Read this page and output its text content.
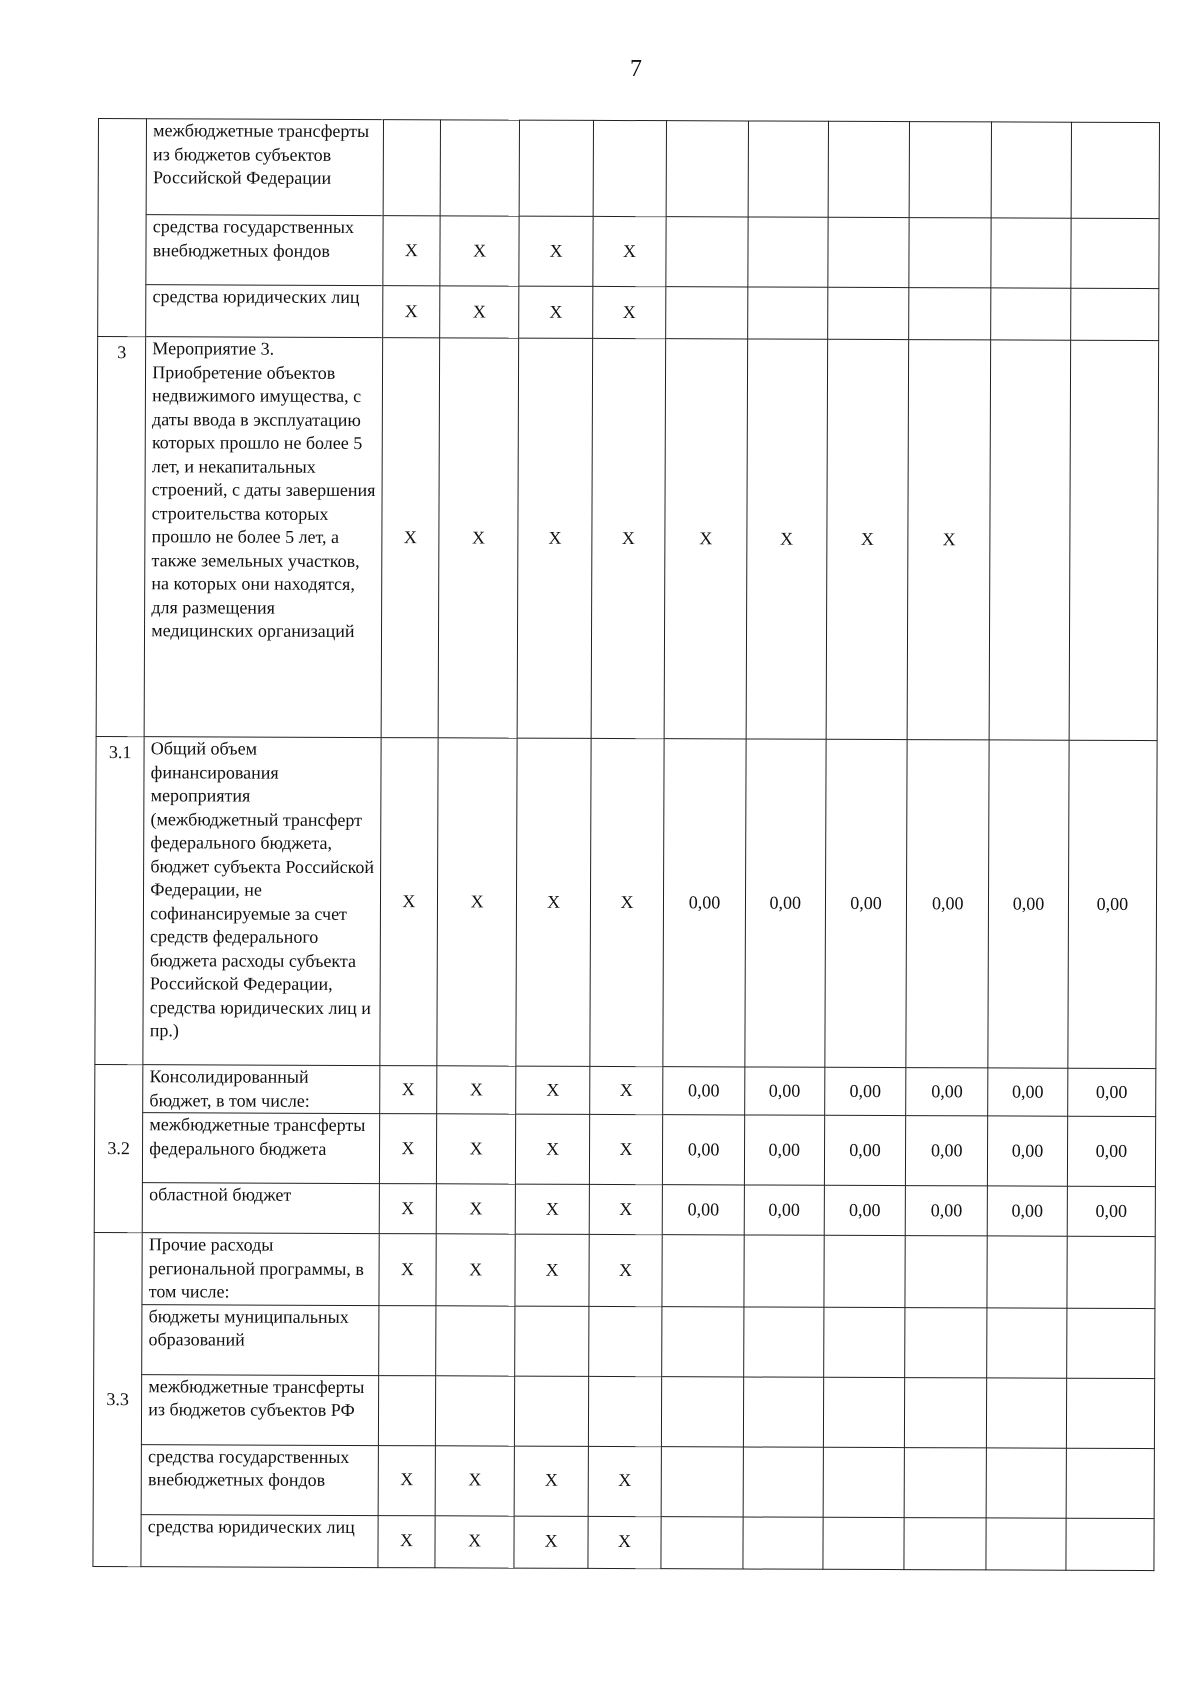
7
	межбюджетные трансферты из бюджетов субъектов Российской Федерации										
	средства государственных внебюджетных фондов	X	X	X	X						
	средства юридических лиц	X	X	X	X						
3	Мероприятие 3. Приобретение объектов недвижимого имущества, с даты ввода в эксплуатацию которых прошло не более 5 лет, и некапитальных строений, с даты завершения строительства которых прошло не более 5 лет, а также земельных участков, на которых они находятся, для размещения медицинских организаций	X	X	X	X	X	X	X	X		
3.1	Общий объем финансирования мероприятия (межбюджетный трансферт федерального бюджета, бюджет субъекта Российской Федерации, не софинансируемые за счет средств федерального бюджета расходы субъекта Российской Федерации, средства юридических лиц и пр.)	X	X	X	X	0,00	0,00	0,00	0,00	0,00	0,00
3.2	Консолидированный бюджет, в том числе:	X	X	X	X	0,00	0,00	0,00	0,00	0,00	0,00
	межбюджетные трансферты федерального бюджета	X	X	X	X	0,00	0,00	0,00	0,00	0,00	0,00
	областной бюджет	X	X	X	X	0,00	0,00	0,00	0,00	0,00	0,00
3.3	Прочие расходы региональной программы, в том числе:	X	X	X	X						
	бюджеты муниципальных образований										
	межбюджетные трансферты из бюджетов субъектов РФ										
	средства государственных внебюджетных фондов	X	X	X	X						
	средства юридических лиц	X	X	X	X						
